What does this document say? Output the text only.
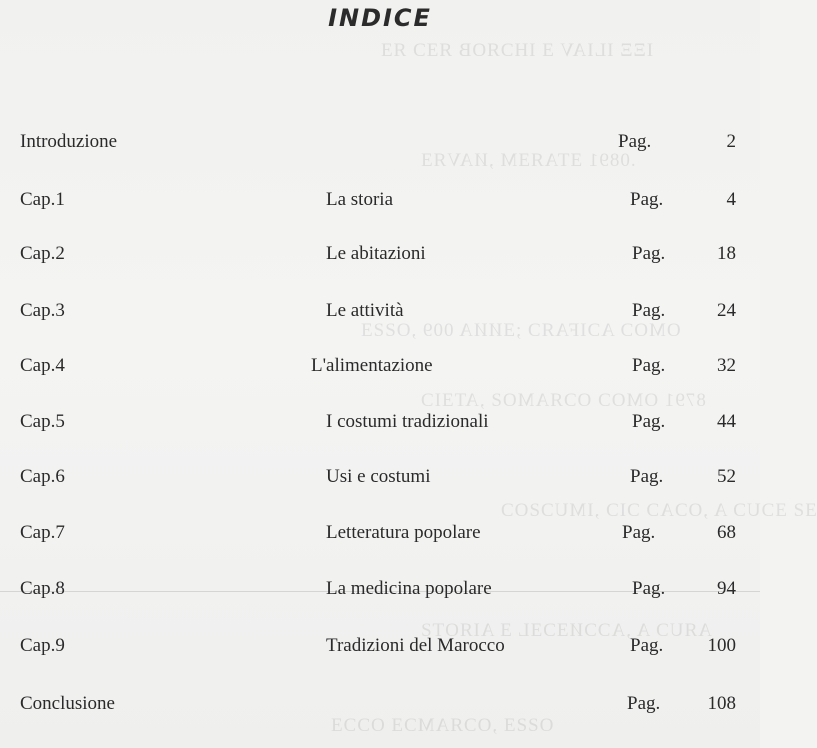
IΞΞ ILIAV Ǝ IHƆЯOB ЯƎƆ ЯƎ
.0891 ƎTAЯƎM ,ИAVЯƎ
OMOƆ AƆIFAЯƆ ;ƎИИA 009 ,OƧƧƎ
8791 OMOƆ OƆЯAMOƧ ,ATƎIƆ
ƎƧ ƎƆUƆ A ,OƆAƆ ƆIƆ ,IMUƆƧOƆ
AЯUƆ A ,AƆƆИƎƆƎL Ǝ AIЯOTƧ
OƧƧƎ ,OƆЯAMƆƎ OƆƆƎ
INDICE
Introduzione	Pag.	2
Cap.1	La storia	Pag.	4
Cap.2	Le abitazioni	Pag.	18
Cap.3	Le attività	Pag.	24
Cap.4	L'alimentazione	Pag.	32
Cap.5	I costumi tradizionali	Pag.	44
Cap.6	Usi e costumi	Pag.	52
Cap.7	Letteratura popolare	Pag.	68
Cap.8	La medicina popolare	Pag.	94
Cap.9	Tradizioni del Marocco	Pag. 100
Conclusione	Pag. 108
